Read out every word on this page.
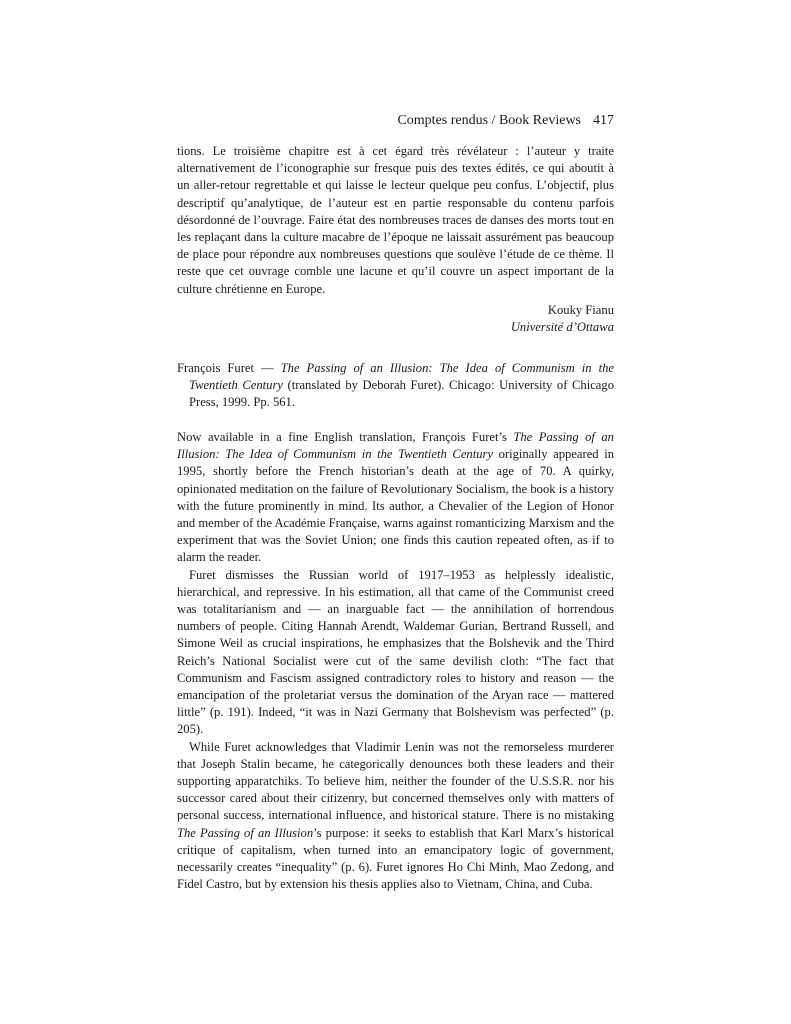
Comptes rendus / Book Reviews 417

tions. Le troisième chapitre est à cet égard très révélateur : l’auteur y traite alternativement de l’iconographie sur fresque puis des textes édités, ce qui aboutit à un aller-retour regrettable et qui laisse le lecteur quelque peu confus. L’objectif, plus descriptif qu’analytique, de l’auteur est en partie responsable du contenu parfois désordonné de l’ouvrage. Faire état des nombreuses traces de danses des morts tout en les replaçant dans la culture macabre de l’époque ne laissait assurément pas beaucoup de place pour répondre aux nombreuses questions que soulève l’étude de ce thème. Il reste que cet ouvrage comble une lacune et qu’il couvre un aspect important de la culture chrétienne en Europe.

Kouky Fianu
Université d’Ottawa
François Furet — The Passing of an Illusion: The Idea of Communism in the Twentieth Century (translated by Deborah Furet). Chicago: University of Chicago Press, 1999. Pp. 561.

Now available in a fine English translation, François Furet’s The Passing of an Illusion: The Idea of Communism in the Twentieth Century originally appeared in 1995, shortly before the French historian’s death at the age of 70. A quirky, opinionated meditation on the failure of Revolutionary Socialism, the book is a history with the future prominently in mind. Its author, a Chevalier of the Legion of Honor and member of the Académie Française, warns against romanticizing Marxism and the experiment that was the Soviet Union; one finds this caution repeated often, as if to alarm the reader.

Furet dismisses the Russian world of 1917–1953 as helplessly idealistic, hierarchical, and repressive. In his estimation, all that came of the Communist creed was totalitarianism and — an inarguable fact — the annihilation of horrendous numbers of people. Citing Hannah Arendt, Waldemar Gurian, Bertrand Russell, and Simone Weil as crucial inspirations, he emphasizes that the Bolshevik and the Third Reich’s National Socialist were cut of the same devilish cloth: “The fact that Communism and Fascism assigned contradictory roles to history and reason — the emancipation of the proletariat versus the domination of the Aryan race — mattered little” (p. 191). Indeed, “it was in Nazi Germany that Bolshevism was perfected” (p. 205).

While Furet acknowledges that Vladimir Lenin was not the remorseless murderer that Joseph Stalin became, he categorically denounces both these leaders and their supporting apparatchiks. To believe him, neither the founder of the U.S.S.R. nor his successor cared about their citizenry, but concerned themselves only with matters of personal success, international influence, and historical stature. There is no mistaking The Passing of an Illusion’s purpose: it seeks to establish that Karl Marx’s historical critique of capitalism, when turned into an emancipatory logic of government, necessarily creates “inequality” (p. 6). Furet ignores Ho Chi Minh, Mao Zedong, and Fidel Castro, but by extension his thesis applies also to Vietnam, China, and Cuba.
